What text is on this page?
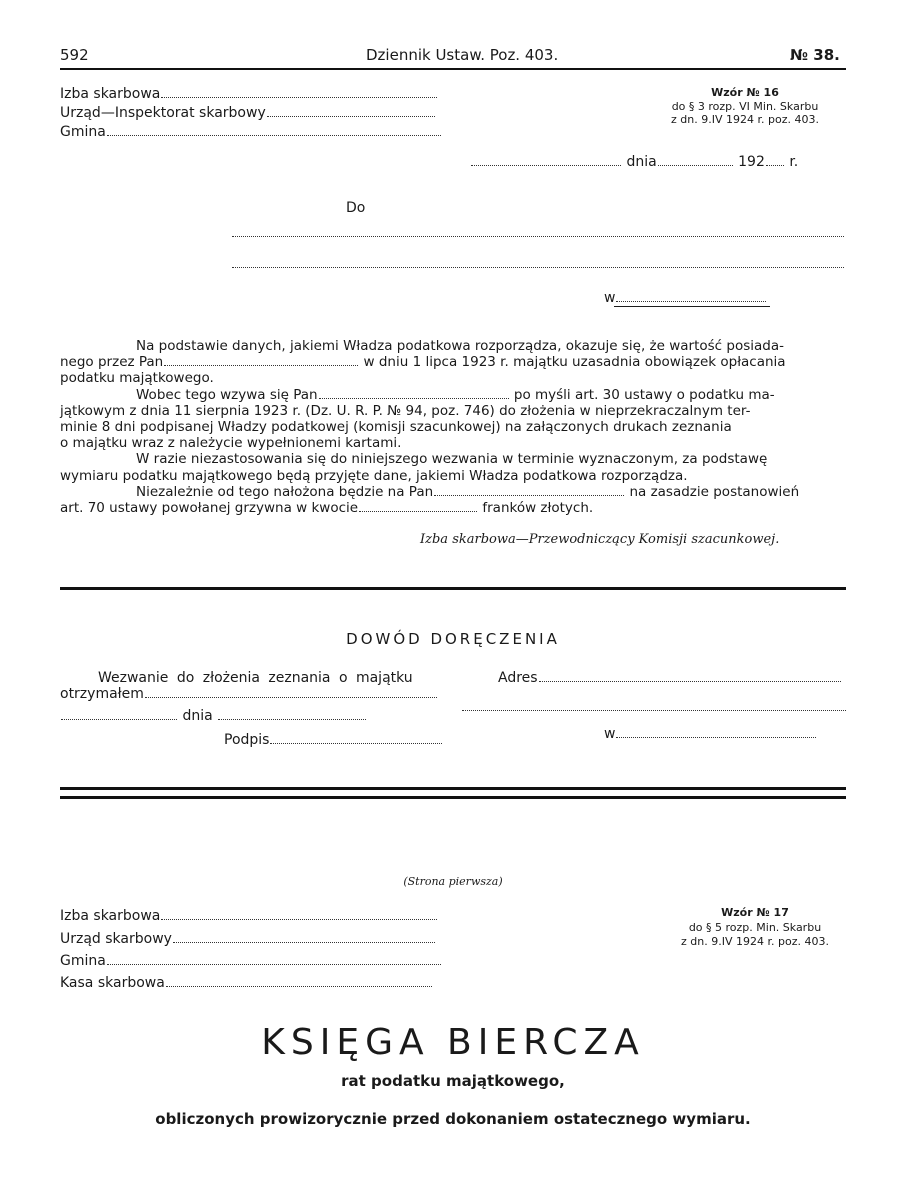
592	Dziennik Ustaw. Poz. 403.	№ 38.
Izba skarbowa
Urząd—Inspektorat skarbowy
Gmina
Wzór № 16
do § 3 rozp. VI Min. Skarbu
z dn. 9.IV 1924 r. poz. 403.
dnia	192 r.
Do
w

Na podstawie danych, jakiemi Władza podatkowa rozporządza, okazuje się, że wartość posiada-

nego przez Pan	w dniu 1 lipca 1923 r. majątku uzasadnia obowiązek opłacania

podatku majątkowego.

Wobec tego wzywa się Pan	po myśli art. 30 ustawy o podatku ma-

jątkowym z dnia 11 sierpnia 1923 r. (Dz. U. R. P. № 94, poz. 746) do złożenia w nieprzekraczalnym ter-

minie 8 dni podpisanej Władzy podatkowej (komisji szacunkowej) na załączonych drukach zeznania

o majątku wraz z należycie wypełnionemi kartami.

W razie niezastosowania się do niniejszego wezwania w terminie wyznaczonym, za podstawę

wymiaru podatku majątkowego będą przyjęte dane, jakiemi Władza podatkowa rozporządza.

Niezależnie od tego nałożona będzie na Pan	na zasadzie postanowień

art. 70 ustawy powołanej grzywna w kwocie	franków złotych.

Izba skarbowa—Przewodniczący Komisji szacunkowej.
DOWÓD DORĘCZENIA
Wezwanie do złożenia zeznania o majątku
otrzymałem
dnia
Podpis
Adres
w
(Strona pierwsza)
Izba skarbowa
Urząd skarbowy
Gmina
Kasa skarbowa
Wzór № 17
do § 5 rozp. Min. Skarbu
z dn. 9.IV 1924 r. poz. 403.
KSIĘGA BIERCZA
rat podatku majątkowego,
obliczonych prowizorycznie przed dokonaniem ostatecznego wymiaru.
